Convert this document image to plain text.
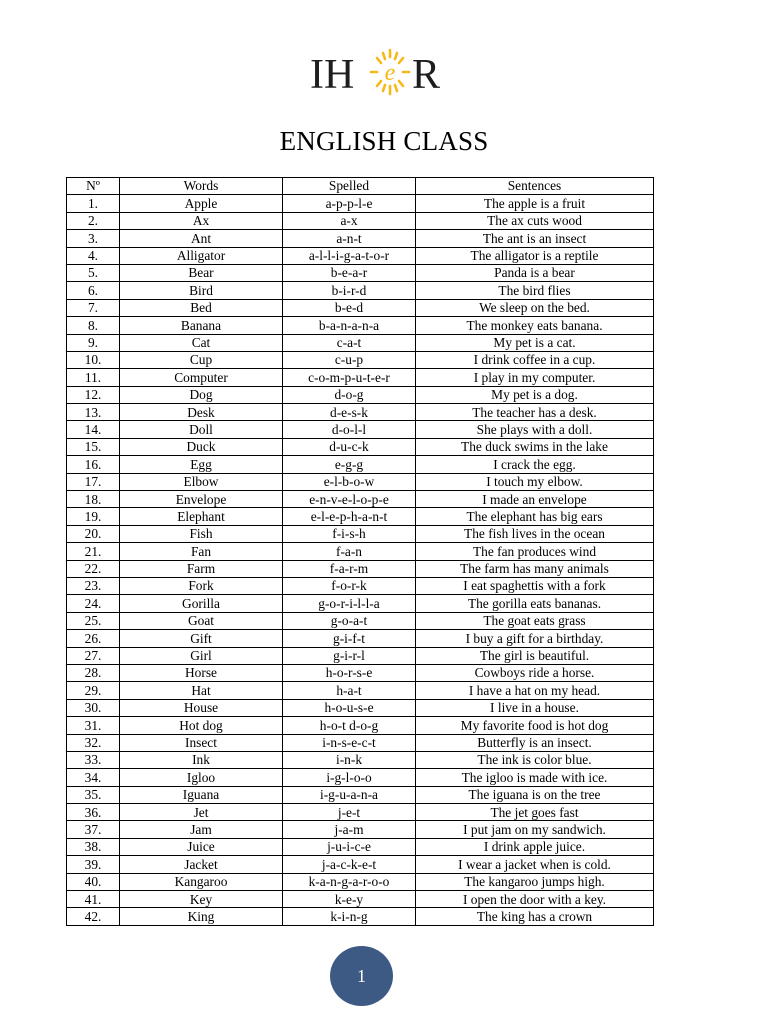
IH e R
ENGLISH CLASS
Nº	Words	Spelled	Sentences
1.	Apple	a-p-p-l-e	The apple is a fruit
2.	Ax	a-x	The ax cuts wood
3.	Ant	a-n-t	The ant is an insect
4.	Alligator	a-l-l-i-g-a-t-o-r	The alligator is a reptile
5.	Bear	b-e-a-r	Panda is a bear
6.	Bird	b-i-r-d	The bird flies
7.	Bed	b-e-d	We sleep on the bed.
8.	Banana	b-a-n-a-n-a	The monkey eats banana.
9.	Cat	c-a-t	My pet is a cat.
10.	Cup	c-u-p	I drink coffee in a cup.
11.	Computer	c-o-m-p-u-t-e-r	I play in my computer.
12.	Dog	d-o-g	My pet is a dog.
13.	Desk	d-e-s-k	The teacher has a desk.
14.	Doll	d-o-l-l	She plays with a doll.
15.	Duck	d-u-c-k	The duck swims in the lake
16.	Egg	e-g-g	I crack the egg.
17.	Elbow	e-l-b-o-w	I touch my elbow.
18.	Envelope	e-n-v-e-l-o-p-e	I made an envelope
19.	Elephant	e-l-e-p-h-a-n-t	The elephant has big ears
20.	Fish	f-i-s-h	The fish lives in the ocean
21.	Fan	f-a-n	The fan produces wind
22.	Farm	f-a-r-m	The farm has many animals
23.	Fork	f-o-r-k	I eat spaghettis with a fork
24.	Gorilla	g-o-r-i-l-l-a	The gorilla eats bananas.
25.	Goat	g-o-a-t	The goat eats grass
26.	Gift	g-i-f-t	I buy a gift for a birthday.
27.	Girl	g-i-r-l	The girl is beautiful.
28.	Horse	h-o-r-s-e	Cowboys ride a horse.
29.	Hat	h-a-t	I have a hat on my head.
30.	House	h-o-u-s-e	I live in a house.
31.	Hot dog	h-o-t d-o-g	My favorite food is hot dog
32.	Insect	i-n-s-e-c-t	Butterfly is an insect.
33.	Ink	i-n-k	The ink is color blue.
34.	Igloo	i-g-l-o-o	The igloo is made with ice.
35.	Iguana	i-g-u-a-n-a	The iguana is on the tree
36.	Jet	j-e-t	The jet goes fast
37.	Jam	j-a-m	I put jam on my sandwich.
38.	Juice	j-u-i-c-e	I drink apple juice.
39.	Jacket	j-a-c-k-e-t	I wear a jacket when is cold.
40.	Kangaroo	k-a-n-g-a-r-o-o	The kangaroo jumps high.
41.	Key	k-e-y	I open the door with a key.
42.	King	k-i-n-g	The king has a crown
1
